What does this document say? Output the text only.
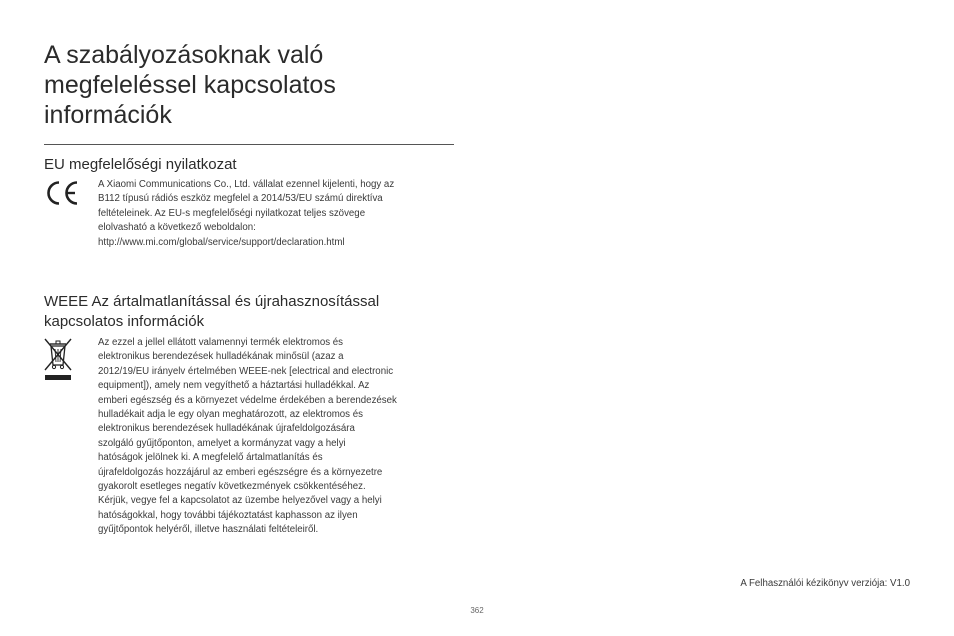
A szabályozásoknak való
megfeleléssel kapcsolatos
információk
EU megfelelőségi nyilatkozat

A Xiaomi Communications Co., Ltd. vállalat ezennel kijelenti, hogy az
B112 típusú rádiós eszköz megfelel a 2014/53/EU számú direktíva
feltételeinek. Az EU-s megfelelőségi nyilatkozat teljes szövege
elolvasható a következő weboldalon:
http://www.mi.com/global/service/support/declaration.html

WEEE Az ártalmatlanítással és újrahasznosítással
kapcsolatos információk

Az ezzel a jellel ellátott valamennyi termék elektromos és
elektronikus berendezések hulladékának minősül (azaz a
2012/19/EU irányelv értelmében WEEE-nek [electrical and electronic
equipment]), amely nem vegyíthető a háztartási hulladékkal. Az
emberi egészség és a környezet védelme érdekében a berendezések
hulladékait adja le egy olyan meghatározott, az elektromos és
elektronikus berendezések hulladékának újrafeldolgozására
szolgáló gyűjtőponton, amelyet a kormányzat vagy a helyi
hatóságok jelölnek ki. A megfelelő ártalmatlanítás és
újrafeldolgozás hozzájárul az emberi egészségre és a környezetre
gyakorolt esetleges negatív következmények csökkentéséhez.
Kérjük, vegye fel a kapcsolatot az üzembe helyezővel vagy a helyi
hatóságokkal, hogy további tájékoztatást kaphasson az ilyen
gyűjtőpontok helyéről, illetve használati feltételeiről.

A Felhasználói kézikönyv verziója: V1.0
362
